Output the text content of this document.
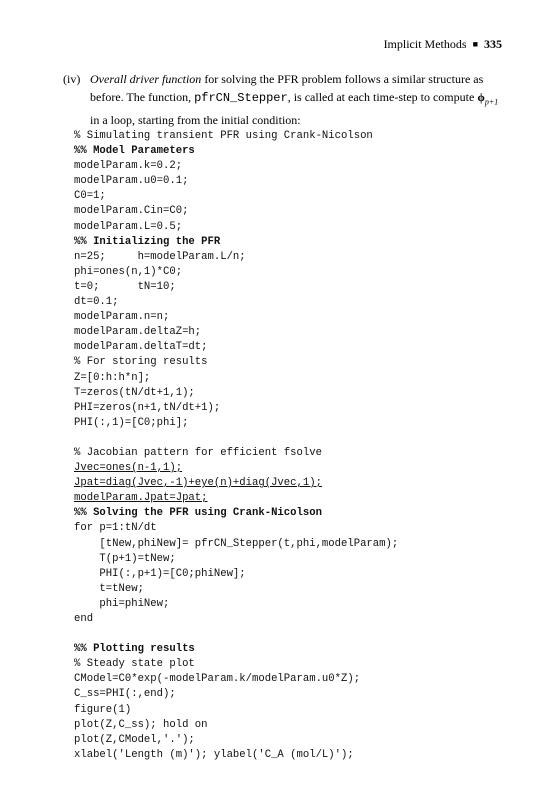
Implicit Methods ■ 335
(iv) Overall driver function for solving the PFR problem follows a similar structure as before. The function, pfrCN_Stepper, is called at each time-step to compute $\phi_{p+1}$ in a loop, starting from the initial condition:
% Simulating transient PFR using Crank-Nicolson
%% Model Parameters
modelParam.k=0.2;
modelParam.u0=0.1;
C0=1;
modelParam.Cin=C0;
modelParam.L=0.5;
%% Initializing the PFR
n=25;     h=modelParam.L/n;
phi=ones(n,1)*C0;
t=0;      tN=10;
dt=0.1;
modelParam.n=n;
modelParam.deltaZ=h;
modelParam.deltaT=dt;
% For storing results
Z=[0:h:h*n];
T=zeros(tN/dt+1,1);
PHI=zeros(n+1,tN/dt+1);
PHI(:,1)=[C0;phi];
% Jacobian pattern for efficient fsolve
Jvec=ones(n-1,1);
Jpat=diag(Jvec,-1)+eye(n)+diag(Jvec,1);
modelParam.Jpat=Jpat;
%% Solving the PFR using Crank-Nicolson
for p=1:tN/dt
[tNew,phiNew]= pfrCN_Stepper(t,phi,modelParam);
T(p+1)=tNew;
PHI(:,p+1)=[C0;phiNew];
t=tNew;
phi=phiNew;
end
%% Plotting results
% Steady state plot
CModel=C0*exp(-modelParam.k/modelParam.u0*Z);
C_ss=PHI(:,end);
figure(1)
plot(Z,C_ss); hold on
plot(Z,CModel,'.');
xlabel('Length (m)'); ylabel('C_A (mol/L)');
